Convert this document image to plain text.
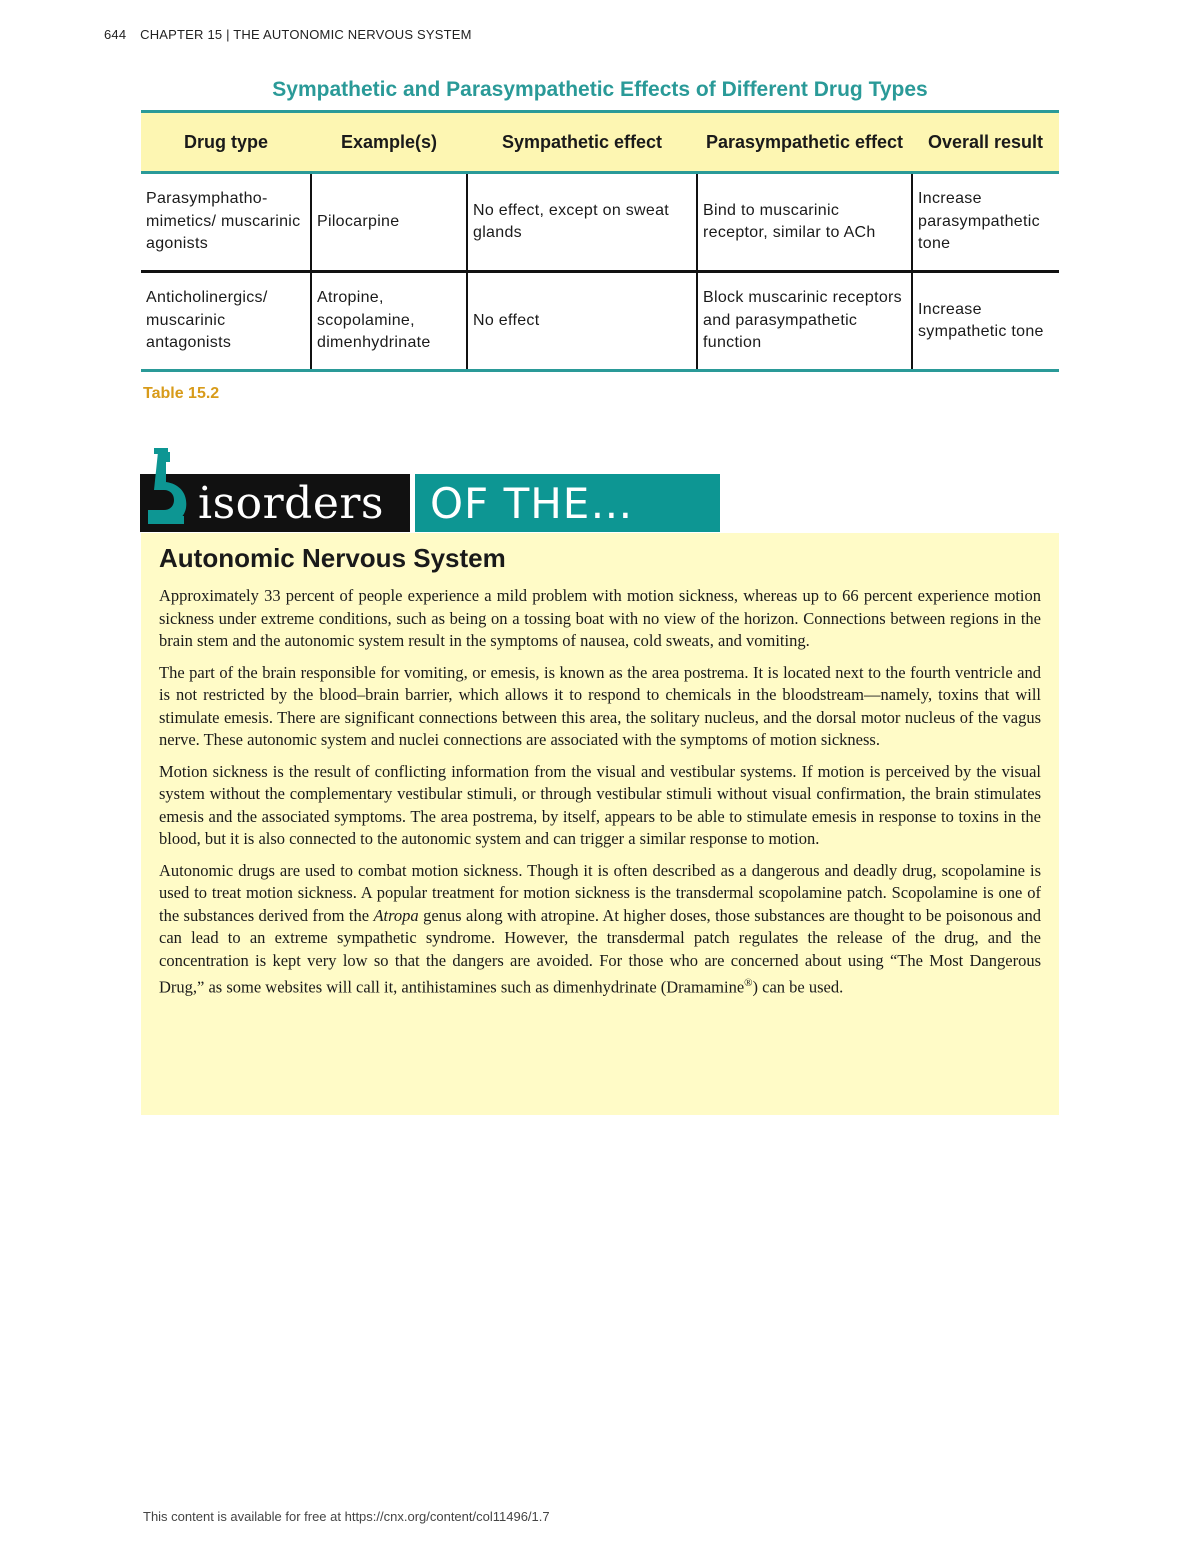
644 CHAPTER 15 | THE AUTONOMIC NERVOUS SYSTEM
Sympathetic and Parasympathetic Effects of Different Drug Types
Drug type	Example(s)	Sympathetic effect	Parasympathetic effect	Overall result
Parasymphatho-mimetics/ muscarinic agonists	Pilocarpine	No effect, except on sweat glands	Bind to muscarinic receptor, similar to ACh	Increase parasympathetic tone
Anticholinergics/ muscarinic antagonists	Atropine, scopolamine, dimenhydrinate	No effect	Block muscarinic receptors and parasympathetic function	Increase sympathetic tone
Table 15.2
isorders OF THE…
Autonomic Nervous System

Approximately 33 percent of people experience a mild problem with motion sickness, whereas up to 66 percent experience motion sickness under extreme conditions, such as being on a tossing boat with no view of the horizon. Connections between regions in the brain stem and the autonomic system result in the symptoms of nausea, cold sweats, and vomiting.

The part of the brain responsible for vomiting, or emesis, is known as the area postrema. It is located next to the fourth ventricle and is not restricted by the blood–brain barrier, which allows it to respond to chemicals in the bloodstream—namely, toxins that will stimulate emesis. There are significant connections between this area, the solitary nucleus, and the dorsal motor nucleus of the vagus nerve. These autonomic system and nuclei connections are associated with the symptoms of motion sickness.

Motion sickness is the result of conflicting information from the visual and vestibular systems. If motion is perceived by the visual system without the complementary vestibular stimuli, or through vestibular stimuli without visual confirmation, the brain stimulates emesis and the associated symptoms. The area postrema, by itself, appears to be able to stimulate emesis in response to toxins in the blood, but it is also connected to the autonomic system and can trigger a similar response to motion.

Autonomic drugs are used to combat motion sickness. Though it is often described as a dangerous and deadly drug, scopolamine is used to treat motion sickness. A popular treatment for motion sickness is the transdermal scopolamine patch. Scopolamine is one of the substances derived from the Atropa genus along with atropine. At higher doses, those substances are thought to be poisonous and can lead to an extreme sympathetic syndrome. However, the transdermal patch regulates the release of the drug, and the concentration is kept very low so that the dangers are avoided. For those who are concerned about using “The Most Dangerous Drug,” as some websites will call it, antihistamines such as dimenhydrinate (Dramamine®) can be used.

This content is available for free at https://cnx.org/content/col11496/1.7
